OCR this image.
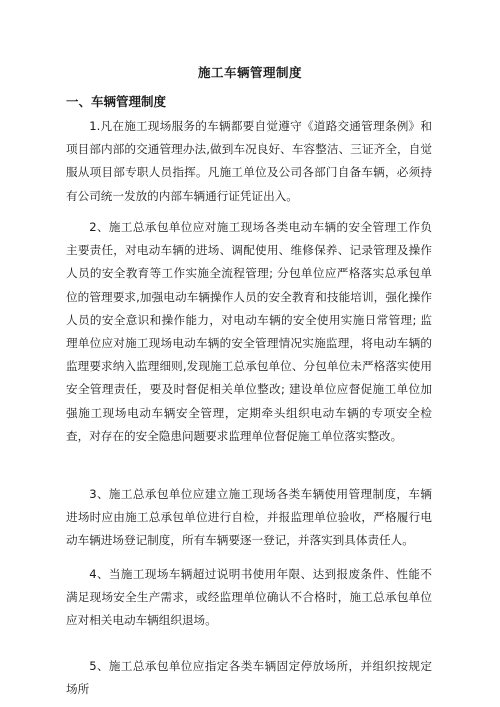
施工车辆管理制度
一、车辆管理制度

1.凡在施工现场服务的车辆都要自觉遵守《道路交通管理条例》和项目部内部的交通管理办法,做到车况良好、车容整洁、三证齐全，自觉服从项目部专职人员指挥。凡施工单位及公司各部门自备车辆，必须持有公司统一发放的内部车辆通行证凭证出入。

2、施工总承包单位应对施工现场各类电动车辆的安全管理工作负主要责任，对电动车辆的进场、调配使用、维修保养、记录管理及操作人员的安全教育等工作实施全流程管理; 分包单位应严格落实总承包单位的管理要求,加强电动车辆操作人员的安全教育和技能培训，强化操作人员的安全意识和操作能力，对电动车辆的安全使用实施日常管理; 监理单位应对施工现场电动车辆的安全管理情况实施监理，将电动车辆的监理要求纳入监理细则,发现施工总承包单位、分包单位未严格落实使用安全管理责任，要及时督促相关单位整改; 建设单位应督促施工单位加强施工现场电动车辆安全管理，定期牵头组织电动车辆的专项安全检查，对存在的安全隐患问题要求监理单位督促施工单位落实整改。

3、施工总承包单位应建立施工现场各类车辆使用管理制度，车辆进场时应由施工总承包单位进行自检，并报监理单位验收，严格履行电动车辆进场登记制度，所有车辆要逐一登记，并落实到具体责任人。

4、当施工现场车辆超过说明书使用年限、达到报废条件、性能不满足现场安全生产需求，或经监理单位确认不合格时，施工总承包单位应对相关电动车辆组织退场。

5、施工总承包单位应指定各类车辆固定停放场所，并组织按规定场所
